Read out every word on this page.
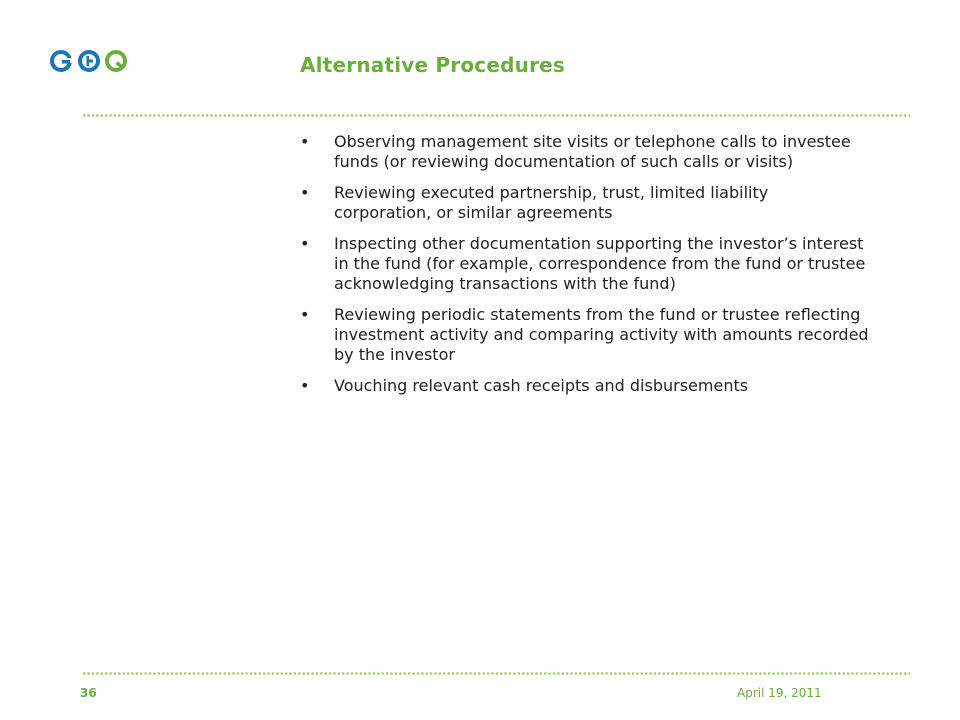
Alternative Procedures
• Observing management site visits or telephone calls to investee funds (or reviewing documentation of such calls or visits)
• Reviewing executed partnership, trust, limited liability corporation, or similar agreements
• Inspecting other documentation supporting the investor’s interest in the fund (for example, correspondence from the fund or trustee acknowledging transactions with the fund)
• Reviewing periodic statements from the fund or trustee reflecting investment activity and comparing activity with amounts recorded by the investor
• Vouching relevant cash receipts and disbursements
36	April 19, 2011
